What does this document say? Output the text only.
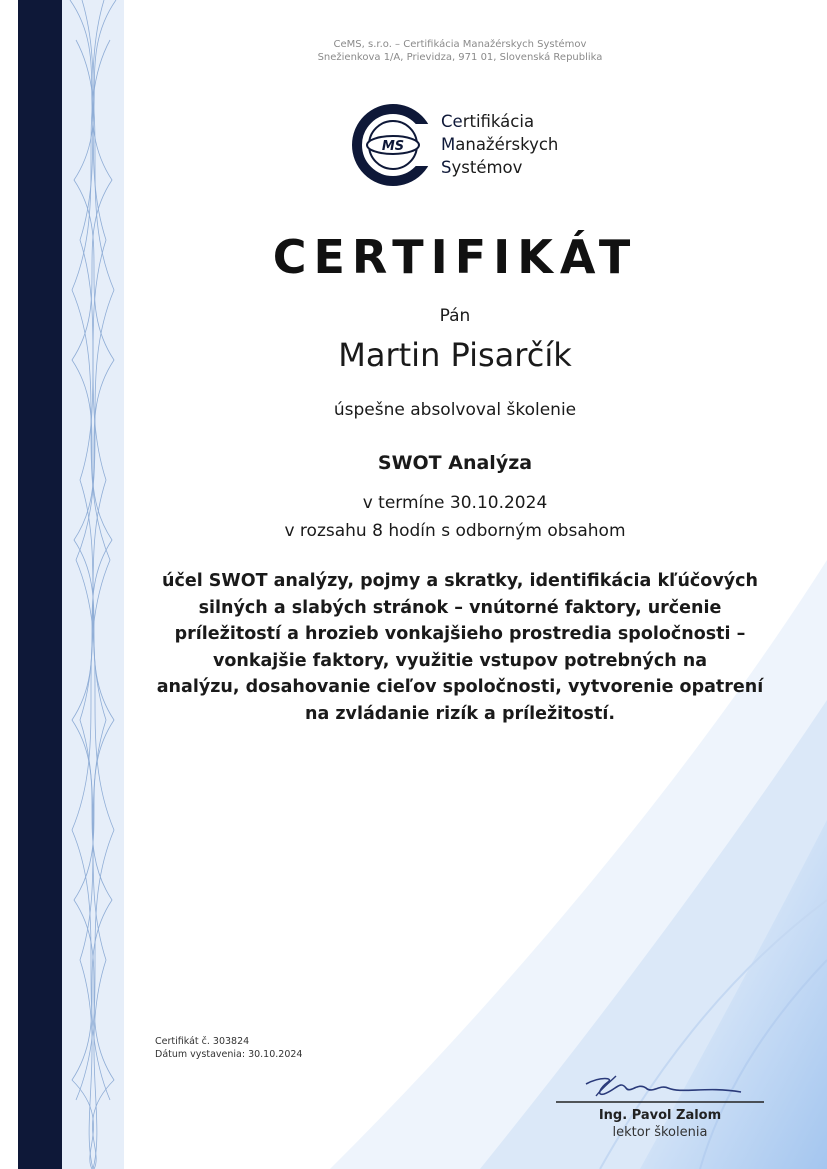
CeMS, s.r.o. – Certifikácia Manažérskych Systémov
Snežienkova 1/A, Prievidza, 971 01, Slovenská Republika
MS
Certifikácia
Manažérskych
Systémov
CERTIFIKÁT
Pán
Martin Pisarčík
úspešne absolvoval školenie
SWOT Analýza
v termíne 30.10.2024
v rozsahu 8 hodín s odborným obsahom
účel SWOT analýzy, pojmy a skratky, identifikácia kľúčových
silných a slabých stránok – vnútorné faktory, určenie
príležitostí a hrozieb vonkajšieho prostredia spoločnosti –
vonkajšie faktory, využitie vstupov potrebných na
analýzu, dosahovanie cieľov spoločnosti, vytvorenie opatrení
na zvládanie rizík a príležitostí.
Certifikát č. 303824
Dátum vystavenia: 30.10.2024
Ing. Pavol Zalom
lektor školenia
